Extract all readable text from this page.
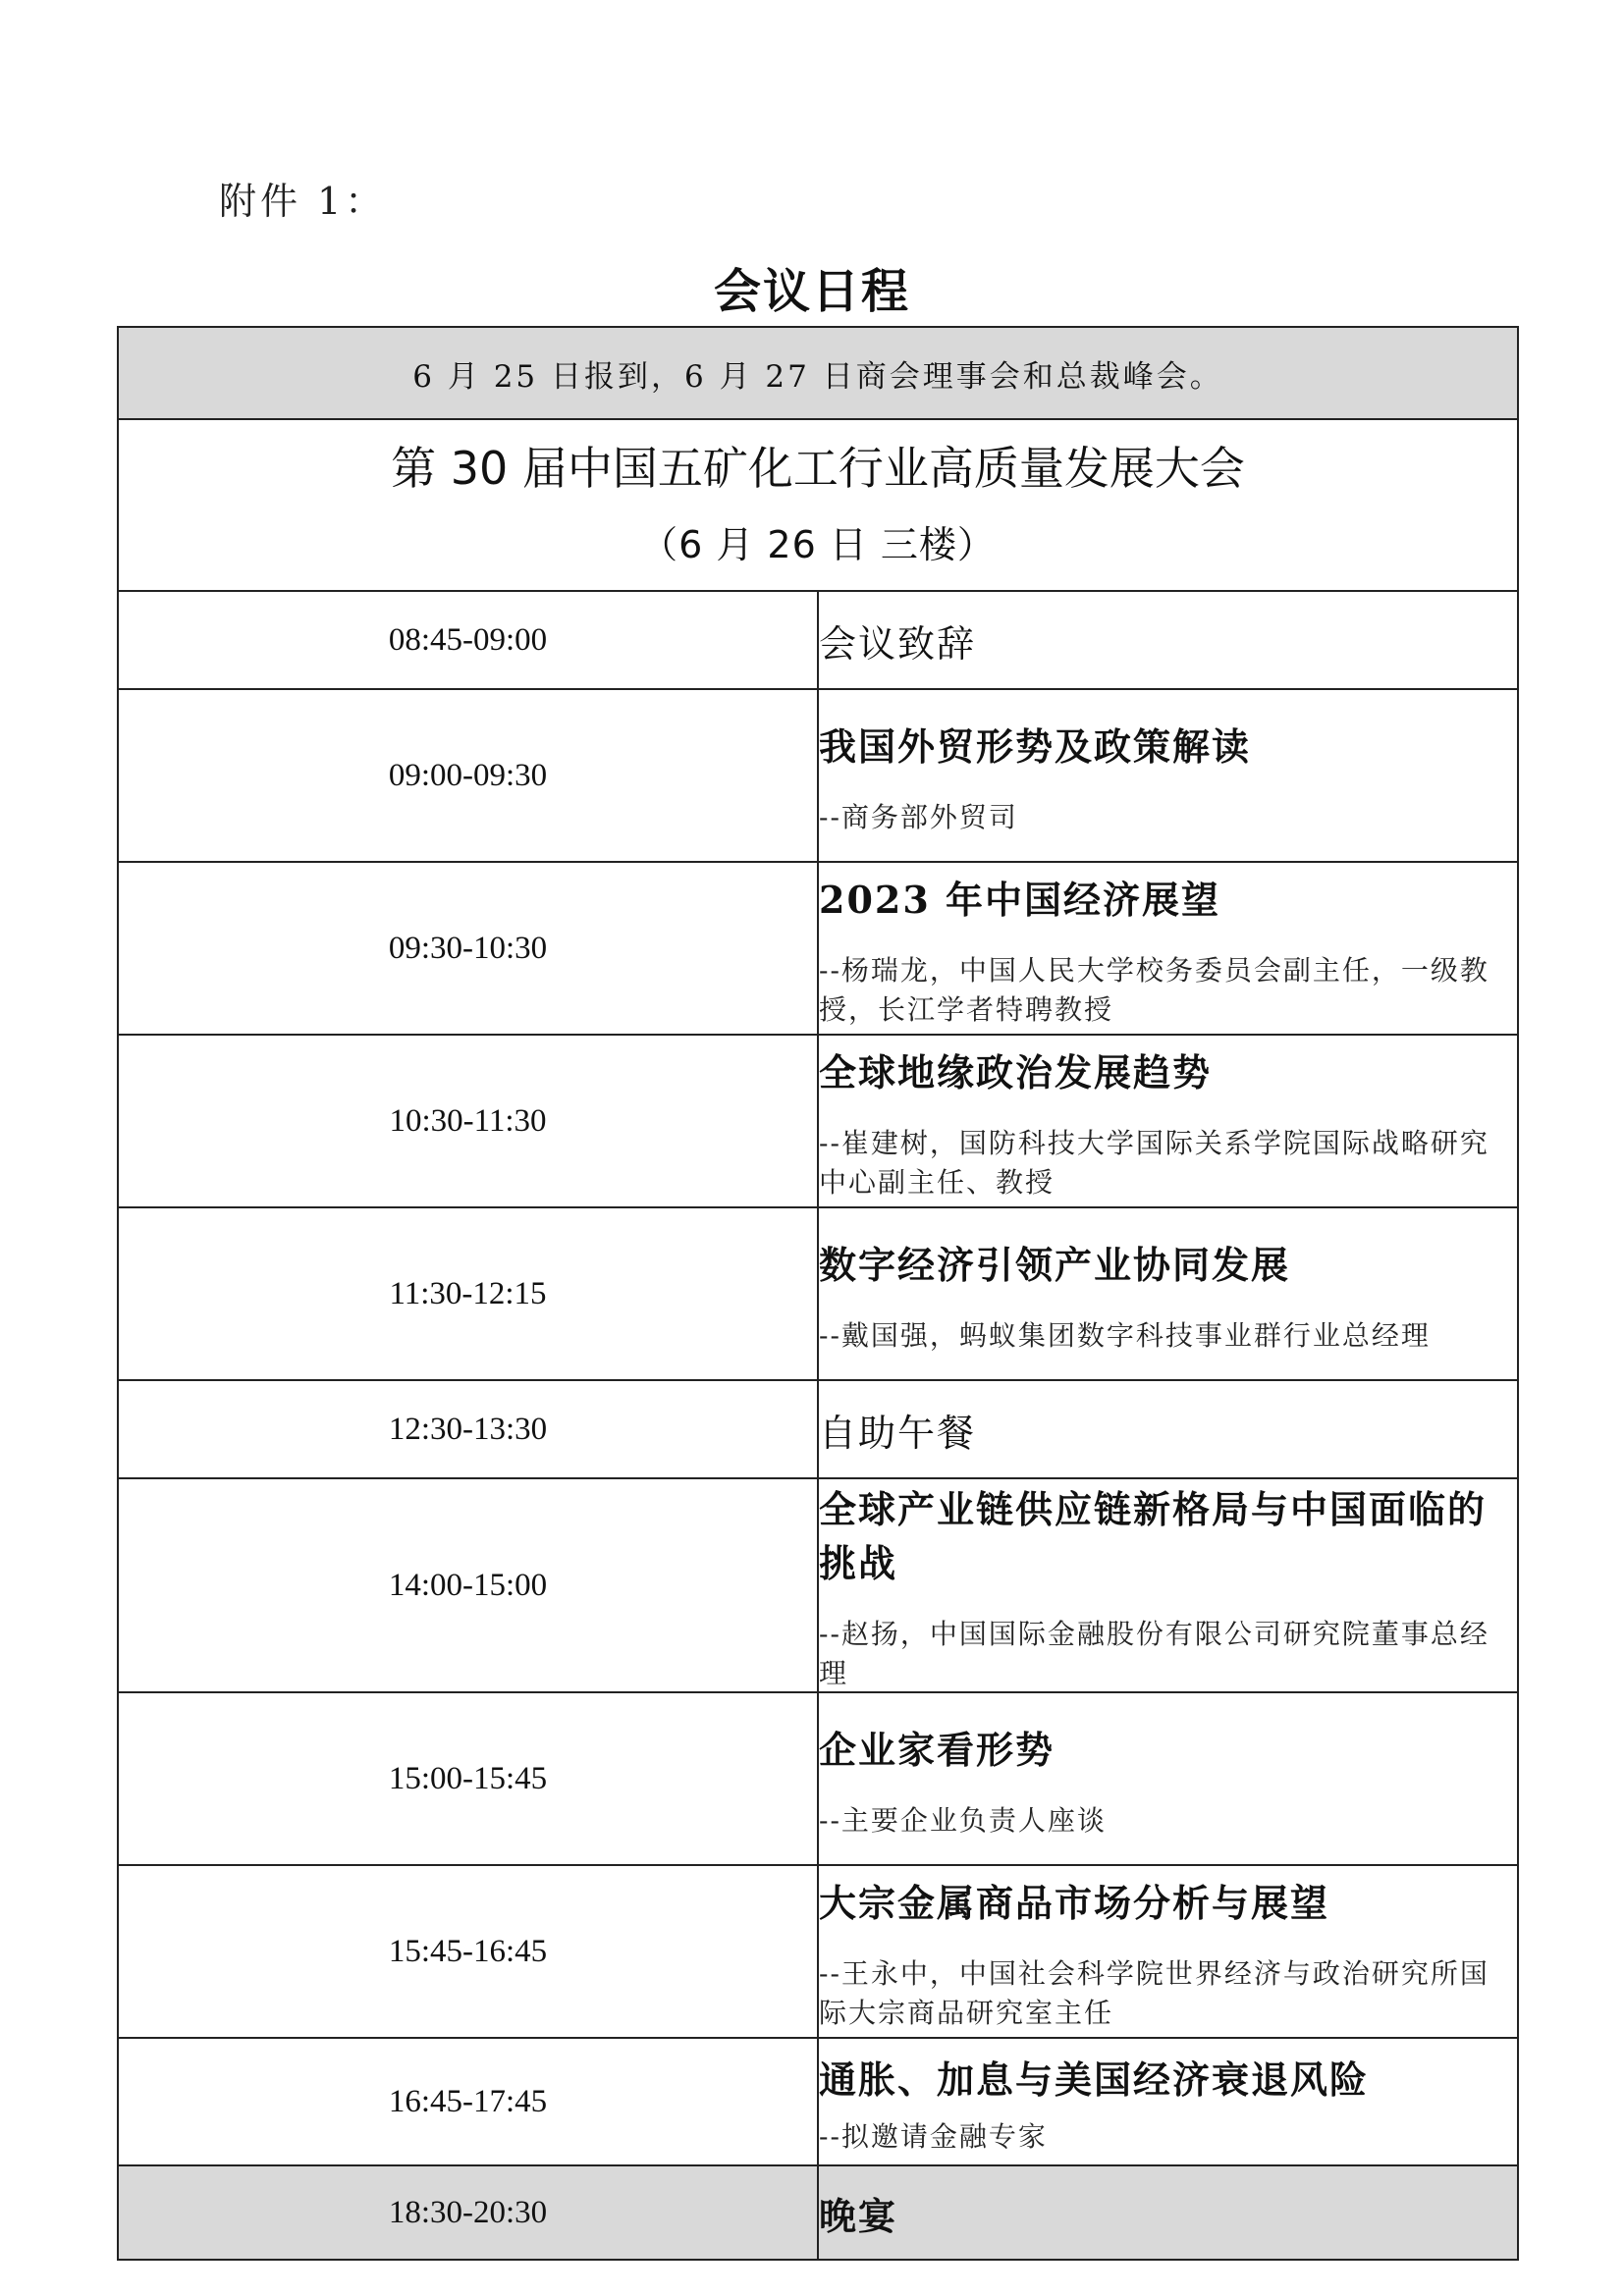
附件 1：
会议日程
6 月 25 日报到，6 月 27 日商会理事会和总裁峰会。	

第 30 届中国五矿化工行业高质量发展大会
（6 月 26 日 三楼）	

08:45-09:00	会议致辞

09:00-09:30	我国外贸形势及政策解读
--商务部外贸司

09:30-10:30	2023 年中国经济展望
--杨瑞龙，中国人民大学校务委员会副主任，一级教授，长江学者特聘教授

10:30-11:30	全球地缘政治发展趋势
--崔建树，国防科技大学国际关系学院国际战略研究中心副主任、教授

11:30-12:15	数字经济引领产业协同发展
--戴国强，蚂蚁集团数字科技事业群行业总经理

12:30-13:30	自助午餐

14:00-15:00	全球产业链供应链新格局与中国面临的挑战
--赵扬，中国国际金融股份有限公司研究院董事总经理

15:00-15:45	企业家看形势
--主要企业负责人座谈

15:45-16:45	大宗金属商品市场分析与展望
--王永中，中国社会科学院世界经济与政治研究所国际大宗商品研究室主任

16:45-17:45	通胀、加息与美国经济衰退风险
--拟邀请金融专家

18:30-20:30	晚宴
